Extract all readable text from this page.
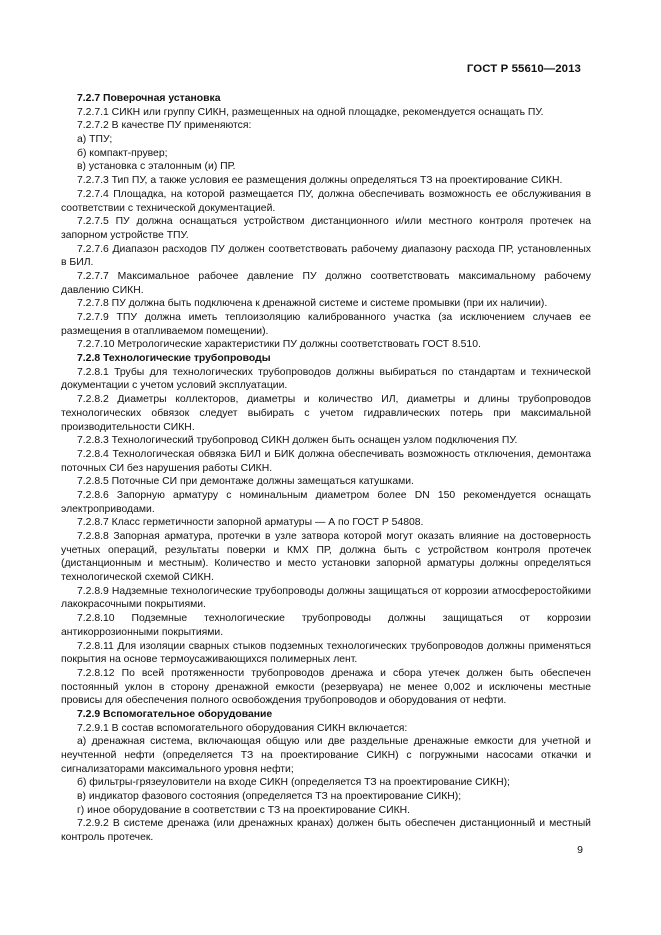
ГОСТ Р 55610—2013

7.2.7 Поверочная установка

7.2.7.1 СИКН или группу СИКН, размещенных на одной площадке, рекомендуется оснащать ПУ.

7.2.7.2 В качестве ПУ применяются:

а) ТПУ;

б) компакт-прувер;

в) установка с эталонным (и) ПР.

7.2.7.3 Тип ПУ, а также условия ее размещения должны определяться ТЗ на проектирование СИКН.

7.2.7.4 Площадка, на которой размещается ПУ, должна обеспечивать возможность ее обслуживания в соответствии с технической документацией.

7.2.7.5 ПУ должна оснащаться устройством дистанционного и/или местного контроля протечек на запорном устройстве ТПУ.

7.2.7.6 Диапазон расходов ПУ должен соответствовать рабочему диапазону расхода ПР, установленных в БИЛ.

7.2.7.7 Максимальное рабочее давление ПУ должно соответствовать максимальному рабочему давлению СИКН.

7.2.7.8 ПУ должна быть подключена к дренажной системе и системе промывки (при их наличии).

7.2.7.9 ТПУ должна иметь теплоизоляцию калиброванного участка (за исключением случаев ее размещения в отапливаемом помещении).

7.2.7.10 Метрологические характеристики ПУ должны соответствовать ГОСТ 8.510.

7.2.8 Технологические трубопроводы

7.2.8.1 Трубы для технологических трубопроводов должны выбираться по стандартам и технической документации с учетом условий эксплуатации.

7.2.8.2 Диаметры коллекторов, диаметры и количество ИЛ, диаметры и длины трубопроводов технологических обвязок следует выбирать с учетом гидравлических потерь при максимальной производительности СИКН.

7.2.8.3 Технологический трубопровод СИКН должен быть оснащен узлом подключения ПУ.

7.2.8.4 Технологическая обвязка БИЛ и БИК должна обеспечивать возможность отключения, демонтажа поточных СИ без нарушения работы СИКН.

7.2.8.5 Поточные СИ при демонтаже должны замещаться катушками.

7.2.8.6 Запорную арматуру с номинальным диаметром более DN 150 рекомендуется оснащать электроприводами.

7.2.8.7 Класс герметичности запорной арматуры — А по ГОСТ Р 54808.

7.2.8.8 Запорная арматура, протечки в узле затвора которой могут оказать влияние на достоверность учетных операций, результаты поверки и КМХ ПР, должна быть с устройством контроля протечек (дистанционным и местным). Количество и место установки запорной арматуры должны определяться технологической схемой СИКН.

7.2.8.9 Надземные технологические трубопроводы должны защищаться от коррозии атмосферостойкими лакокрасочными покрытиями.

7.2.8.10 Подземные технологические трубопроводы должны защищаться от коррозии антикоррозионными покрытиями.

7.2.8.11 Для изоляции сварных стыков подземных технологических трубопроводов должны применяться покрытия на основе термоусаживающихся полимерных лент.

7.2.8.12 По всей протяженности трубопроводов дренажа и сбора утечек должен быть обеспечен постоянный уклон в сторону дренажной емкости (резервуара) не менее 0,002 и исключены местные провисы для обеспечения полного освобождения трубопроводов и оборудования от нефти.

7.2.9 Вспомогательное оборудование

7.2.9.1 В состав вспомогательного оборудования СИКН включается:

а) дренажная система, включающая общую или две раздельные дренажные емкости для учетной и неучтенной нефти (определяется ТЗ на проектирование СИКН) с погружными насосами откачки и сигнализаторами максимального уровня нефти;

б) фильтры-грязеуловители на входе СИКН (определяется ТЗ на проектирование СИКН);

в) индикатор фазового состояния (определяется ТЗ на проектирование СИКН);

г) иное оборудование в соответствии с ТЗ на проектирование СИКН.

7.2.9.2 В системе дренажа (или дренажных кранах) должен быть обеспечен дистанционный и местный контроль протечек.

9
